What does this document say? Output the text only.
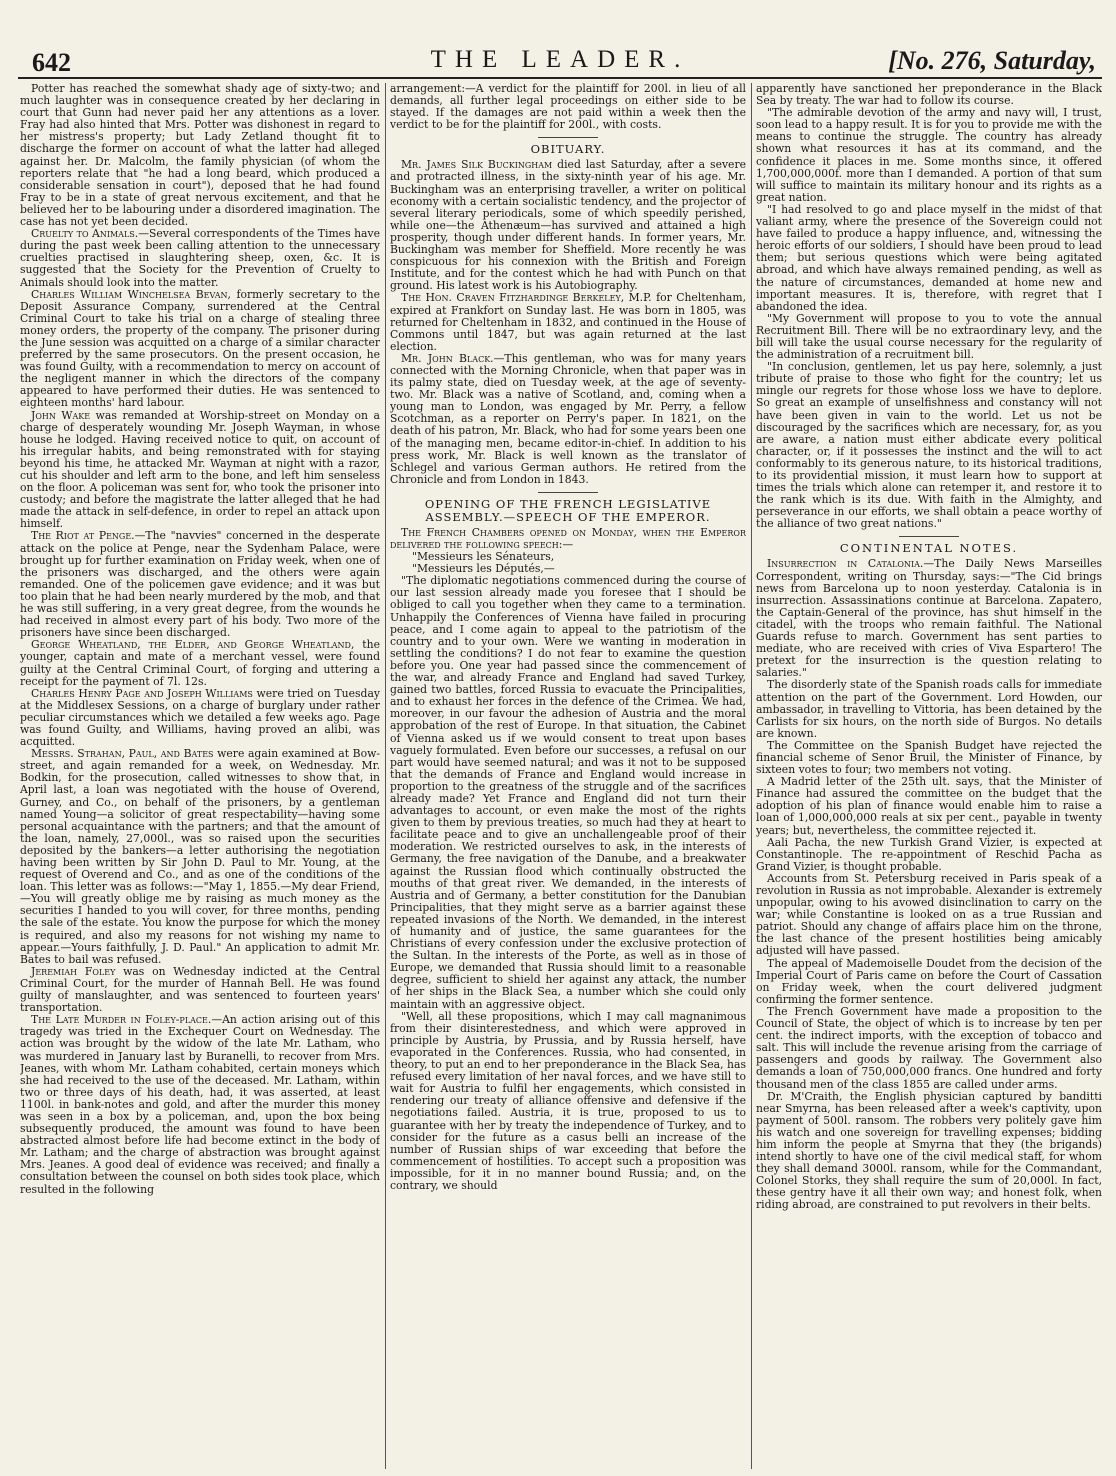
642	THE LEADER.	[No. 276, Saturday,

Potter has reached the somewhat shady age of sixty-two; and much laughter was in consequence created by her declaring in court that Gunn had never paid her any attentions as a lover. Fray had also hinted that Mrs. Potter was dishonest in regard to her mistress's property; but Lady Zetland thought fit to discharge the former on account of what the latter had alleged against her. Dr. Malcolm, the family physician (of whom the reporters relate that "he had a long beard, which produced a considerable sensation in court"), deposed that he had found Fray to be in a state of great nervous excitement, and that he believed her to be labouring under a disordered imagination. The case has not yet been decided.

Cruelty to Animals.—Several correspondents of the Times have during the past week been calling attention to the unnecessary cruelties practised in slaughtering sheep, oxen, &c. It is suggested that the Society for the Prevention of Cruelty to Animals should look into the matter.

Charles William Winchelsea Bevan, formerly secretary to the Deposit Assurance Company, surrendered at the Central Criminal Court to take his trial on a charge of stealing three money orders, the property of the company. The prisoner during the June session was acquitted on a charge of a similar character preferred by the same prosecutors. On the present occasion, he was found Guilty, with a recommendation to mercy on account of the negligent manner in which the directors of the company appeared to have performed their duties. He was sentenced to eighteen months' hard labour.

John Wake was remanded at Worship-street on Monday on a charge of desperately wounding Mr. Joseph Wayman, in whose house he lodged. Having received notice to quit, on account of his irregular habits, and being remonstrated with for staying beyond his time, he attacked Mr. Wayman at night with a razor, cut his shoulder and left arm to the bone, and left him senseless on the floor. A policeman was sent for, who took the prisoner into custody; and before the magistrate the latter alleged that he had made the attack in self-defence, in order to repel an attack upon himself.

The Riot at Penge.—The "navvies" concerned in the desperate attack on the police at Penge, near the Sydenham Palace, were brought up for further examination on Friday week, when one of the prisoners was discharged, and the others were again remanded. One of the policemen gave evidence; and it was but too plain that he had been nearly murdered by the mob, and that he was still suffering, in a very great degree, from the wounds he had received in almost every part of his body. Two more of the prisoners have since been discharged.

George Wheatland, the Elder, and George Wheatland, the younger, captain and mate of a merchant vessel, were found guilty at the Central Criminal Court, of forging and uttering a receipt for the payment of 7l. 12s.

Charles Henry Page and Joseph Williams were tried on Tuesday at the Middlesex Sessions, on a charge of burglary under rather peculiar circumstances which we detailed a few weeks ago. Page was found Guilty, and Williams, having proved an alibi, was acquitted.

Messrs. Strahan, Paul, and Bates were again examined at Bow-street, and again remanded for a week, on Wednesday. Mr. Bodkin, for the prosecution, called witnesses to show that, in April last, a loan was negotiated with the house of Overend, Gurney, and Co., on behalf of the prisoners, by a gentleman named Young—a solicitor of great respectability—having some personal acquaintance with the partners; and that the amount of the loan, namely, 27,000l., was so raised upon the securities deposited by the bankers—a letter authorising the negotiation having been written by Sir John D. Paul to Mr. Young, at the request of Overend and Co., and as one of the conditions of the loan. This letter was as follows:—"May 1, 1855.—My dear Friend,—You will greatly oblige me by raising as much money as the securities I handed to you will cover, for three months, pending the sale of the estate. You know the purpose for which the money is required, and also my reasons for not wishing my name to appear.—Yours faithfully, J. D. Paul." An application to admit Mr. Bates to bail was refused.

Jeremiah Foley was on Wednesday indicted at the Central Criminal Court, for the murder of Hannah Bell. He was found guilty of manslaughter, and was sentenced to fourteen years' transportation.

The Late Murder in Foley-place.—An action arising out of this tragedy was tried in the Exchequer Court on Wednesday. The action was brought by the widow of the late Mr. Latham, who was murdered in January last by Buranelli, to recover from Mrs. Jeanes, with whom Mr. Latham cohabited, certain moneys which she had received to the use of the deceased. Mr. Latham, within two or three days of his death, had, it was asserted, at least 1100l. in bank-notes and gold, and after the murder this money was seen in a box by a policeman, and, upon the box being subsequently produced, the amount was found to have been abstracted almost before life had become extinct in the body of Mr. Latham; and the charge of abstraction was brought against Mrs. Jeanes. A good deal of evidence was received; and finally a consultation between the counsel on both sides took place, which resulted in the following

arrangement:—A verdict for the plaintiff for 200l. in lieu of all demands, all further legal proceedings on either side to be stayed. If the damages are not paid within a week then the verdict to be for the plaintiff for 200l., with costs.

OBITUARY.

Mr. James Silk Buckingham died last Saturday, after a severe and protracted illness, in the sixty-ninth year of his age. Mr. Buckingham was an enterprising traveller, a writer on political economy with a certain socialistic tendency, and the projector of several literary periodicals, some of which speedily perished, while one—the Athenæum—has survived and attained a high prosperity, though under different hands. In former years, Mr. Buckingham was member for Sheffield. More recently he was conspicuous for his connexion with the British and Foreign Institute, and for the contest which he had with Punch on that ground. His latest work is his Autobiography.

The Hon. Craven Fitzhardinge Berkeley, M.P. for Cheltenham, expired at Frankfort on Sunday last. He was born in 1805, was returned for Cheltenham in 1832, and continued in the House of Commons until 1847, but was again returned at the last election.

Mr. John Black.—This gentleman, who was for many years connected with the Morning Chronicle, when that paper was in its palmy state, died on Tuesday week, at the age of seventy-two. Mr. Black was a native of Scotland, and, coming when a young man to London, was engaged by Mr. Perry, a fellow Scotchman, as a reporter on Perry's paper. In 1821, on the death of his patron, Mr. Black, who had for some years been one of the managing men, became editor-in-chief. In addition to his press work, Mr. Black is well known as the translator of Schlegel and various German authors. He retired from the Chronicle and from London in 1843.

OPENING OF THE FRENCH LEGISLATIVE ASSEMBLY.—SPEECH OF THE EMPEROR.

The French Chambers opened on Monday, when the Emperor delivered the following speech:—

"Messieurs les Sénateurs,

"Messieurs les Députés,—

"The diplomatic negotiations commenced during the course of our last session already made you foresee that I should be obliged to call you together when they came to a termination. Unhappily the Conferences of Vienna have failed in procuring peace, and I come again to appeal to the patriotism of the country and to your own. Were we wanting in moderation in settling the conditions? I do not fear to examine the question before you. One year had passed since the commencement of the war, and already France and England had saved Turkey, gained two battles, forced Russia to evacuate the Principalities, and to exhaust her forces in the defence of the Crimea. We had, moreover, in our favour the adhesion of Austria and the moral approbation of the rest of Europe. In that situation, the Cabinet of Vienna asked us if we would consent to treat upon bases vaguely formulated. Even before our successes, a refusal on our part would have seemed natural; and was it not to be supposed that the demands of France and England would increase in proportion to the greatness of the struggle and of the sacrifices already made? Yet France and England did not turn their advantages to account, or even make the most of the rights given to them by previous treaties, so much had they at heart to facilitate peace and to give an unchallengeable proof of their moderation. We restricted ourselves to ask, in the interests of Germany, the free navigation of the Danube, and a breakwater against the Russian flood which continually obstructed the mouths of that great river. We demanded, in the interests of Austria and of Germany, a better constitution for the Danubian Principalities, that they might serve as a barrier against these repeated invasions of the North. We demanded, in the interest of humanity and of justice, the same guarantees for the Christians of every confession under the exclusive protection of the Sultan. In the interests of the Porte, as well as in those of Europe, we demanded that Russia should limit to a reasonable degree, sufficient to shield her against any attack, the number of her ships in the Black Sea, a number which she could only maintain with an aggressive object.

"Well, all these propositions, which I may call magnanimous from their disinterestedness, and which were approved in principle by Austria, by Prussia, and by Russia herself, have evaporated in the Conferences. Russia, who had consented, in theory, to put an end to her preponderance in the Black Sea, has refused every limitation of her naval forces, and we have still to wait for Austria to fulfil her engagements, which consisted in rendering our treaty of alliance offensive and defensive if the negotiations failed. Austria, it is true, proposed to us to guarantee with her by treaty the independence of Turkey, and to consider for the future as a casus belli an increase of the number of Russian ships of war exceeding that before the commencement of hostilities. To accept such a proposition was impossible, for it in no manner bound Russia; and, on the contrary, we should

apparently have sanctioned her preponderance in the Black Sea by treaty. The war had to follow its course.

"The admirable devotion of the army and navy will, I trust, soon lead to a happy result. It is for you to provide me with the means to continue the struggle. The country has already shown what resources it has at its command, and the confidence it places in me. Some months since, it offered 1,700,000,000f. more than I demanded. A portion of that sum will suffice to maintain its military honour and its rights as a great nation.

"I had resolved to go and place myself in the midst of that valiant army, where the presence of the Sovereign could not have failed to produce a happy influence, and, witnessing the heroic efforts of our soldiers, I should have been proud to lead them; but serious questions which were being agitated abroad, and which have always remained pending, as well as the nature of circumstances, demanded at home new and important measures. It is, therefore, with regret that I abandoned the idea.

"My Government will propose to you to vote the annual Recruitment Bill. There will be no extraordinary levy, and the bill will take the usual course necessary for the regularity of the administration of a recruitment bill.

"In conclusion, gentlemen, let us pay here, solemnly, a just tribute of praise to those who fight for the country; let us mingle our regrets for those whose loss we have to deplore. So great an example of unselfishness and constancy will not have been given in vain to the world. Let us not be discouraged by the sacrifices which are necessary, for, as you are aware, a nation must either abdicate every political character, or, if it possesses the instinct and the will to act conformably to its generous nature, to its historical traditions, to its providential mission, it must learn how to support at times the trials which alone can retemper it, and restore it to the rank which is its due. With faith in the Almighty, and perseverance in our efforts, we shall obtain a peace worthy of the alliance of two great nations."

CONTINENTAL NOTES.

Insurrection in Catalonia.—The Daily News Marseilles Correspondent, writing on Thursday, says:—"The Cid brings news from Barcelona up to noon yesterday. Catalonia is in insurrection. Assassinations continue at Barcelona. Zapatero, the Captain-General of the province, has shut himself in the citadel, with the troops who remain faithful. The National Guards refuse to march. Government has sent parties to mediate, who are received with cries of Viva Espartero! The pretext for the insurrection is the question relating to salaries."

The disorderly state of the Spanish roads calls for immediate attention on the part of the Government. Lord Howden, our ambassador, in travelling to Vittoria, has been detained by the Carlists for six hours, on the north side of Burgos. No details are known.

The Committee on the Spanish Budget have rejected the financial scheme of Senor Bruil, the Minister of Finance, by sixteen votes to four; two members not voting.

A Madrid letter of the 25th ult. says, that the Minister of Finance had assured the committee on the budget that the adoption of his plan of finance would enable him to raise a loan of 1,000,000,000 reals at six per cent., payable in twenty years; but, nevertheless, the committee rejected it.

Aali Pacha, the new Turkish Grand Vizier, is expected at Constantinople. The re-appointment of Reschid Pacha as Grand Vizier, is thought probable.

Accounts from St. Petersburg received in Paris speak of a revolution in Russia as not improbable. Alexander is extremely unpopular, owing to his avowed disinclination to carry on the war; while Constantine is looked on as a true Russian and patriot. Should any change of affairs place him on the throne, the last chance of the present hostilities being amicably adjusted will have passed.

The appeal of Mademoiselle Doudet from the decision of the Imperial Court of Paris came on before the Court of Cassation on Friday week, when the court delivered judgment confirming the former sentence.

The French Government have made a proposition to the Council of State, the object of which is to increase by ten per cent. the indirect imports, with the exception of tobacco and salt. This will include the revenue arising from the carriage of passengers and goods by railway. The Government also demands a loan of 750,000,000 francs. One hundred and forty thousand men of the class 1855 are called under arms.

Dr. M'Craith, the English physician captured by banditti near Smyrna, has been released after a week's captivity, upon payment of 500l. ransom. The robbers very politely gave him his watch and one sovereign for travelling expenses; bidding him inform the people at Smyrna that they (the brigands) intend shortly to have one of the civil medical staff, for whom they shall demand 3000l. ransom, while for the Commandant, Colonel Storks, they shall require the sum of 20,000l. In fact, these gentry have it all their own way; and honest folk, when riding abroad, are constrained to put revolvers in their belts.
